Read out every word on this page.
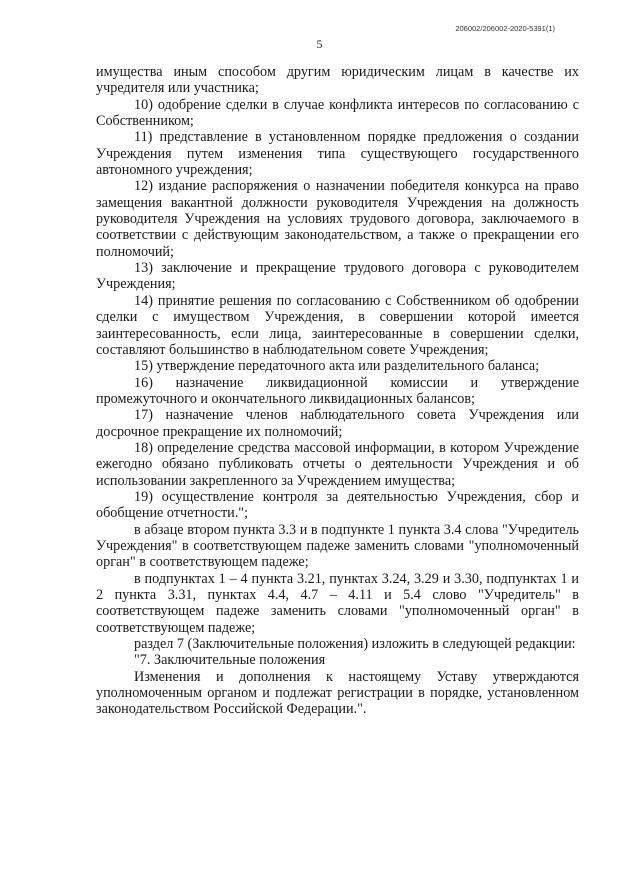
206002/206002-2020-5391(1)
5

имущества иным способом другим юридическим лицам в качестве их учредителя или участника;

10) одобрение сделки в случае конфликта интересов по согласованию с Собственником;

11) представление в установленном порядке предложения о создании Учреждения путем изменения типа существующего государственного автономного учреждения;

12) издание распоряжения о назначении победителя конкурса на право замещения вакантной должности руководителя Учреждения на должность руководителя Учреждения на условиях трудового договора, заключаемого в соответствии с действующим законодательством, а также о прекращении его полномочий;

13) заключение и прекращение трудового договора с руководителем Учреждения;

14) принятие решения по согласованию с Собственником об одобрении сделки с имуществом Учреждения, в совершении которой имеется заинтересованность, если лица, заинтересованные в совершении сделки, составляют большинство в наблюдательном совете Учреждения;

15) утверждение передаточного акта или разделительного баланса;

16) назначение ликвидационной комиссии и утверждение промежуточного и окончательного ликвидационных балансов;

17) назначение членов наблюдательного совета Учреждения или досрочное прекращение их полномочий;

18) определение средства массовой информации, в котором Учреждение ежегодно обязано публиковать отчеты о деятельности Учреждения и об использовании закрепленного за Учреждением имущества;

19) осуществление контроля за деятельностью Учреждения, сбор и обобщение отчетности.";

в абзаце втором пункта 3.3 и в подпункте 1 пункта 3.4 слова "Учредитель Учреждения" в соответствующем падеже заменить словами "уполномоченный орган" в соответствующем падеже;

в подпунктах 1 – 4 пункта 3.21, пунктах 3.24, 3.29 и 3.30, подпунктах 1 и 2 пункта 3.31, пунктах 4.4, 4.7 – 4.11 и 5.4 слово "Учредитель" в соответствующем падеже заменить словами "уполномоченный орган" в соответствующем падеже;

раздел 7 (Заключительные положения) изложить в следующей редакции:

"7. Заключительные положения

Изменения и дополнения к настоящему Уставу утверждаются уполномоченным органом и подлежат регистрации в порядке, установленном законодательством Российской Федерации.".
